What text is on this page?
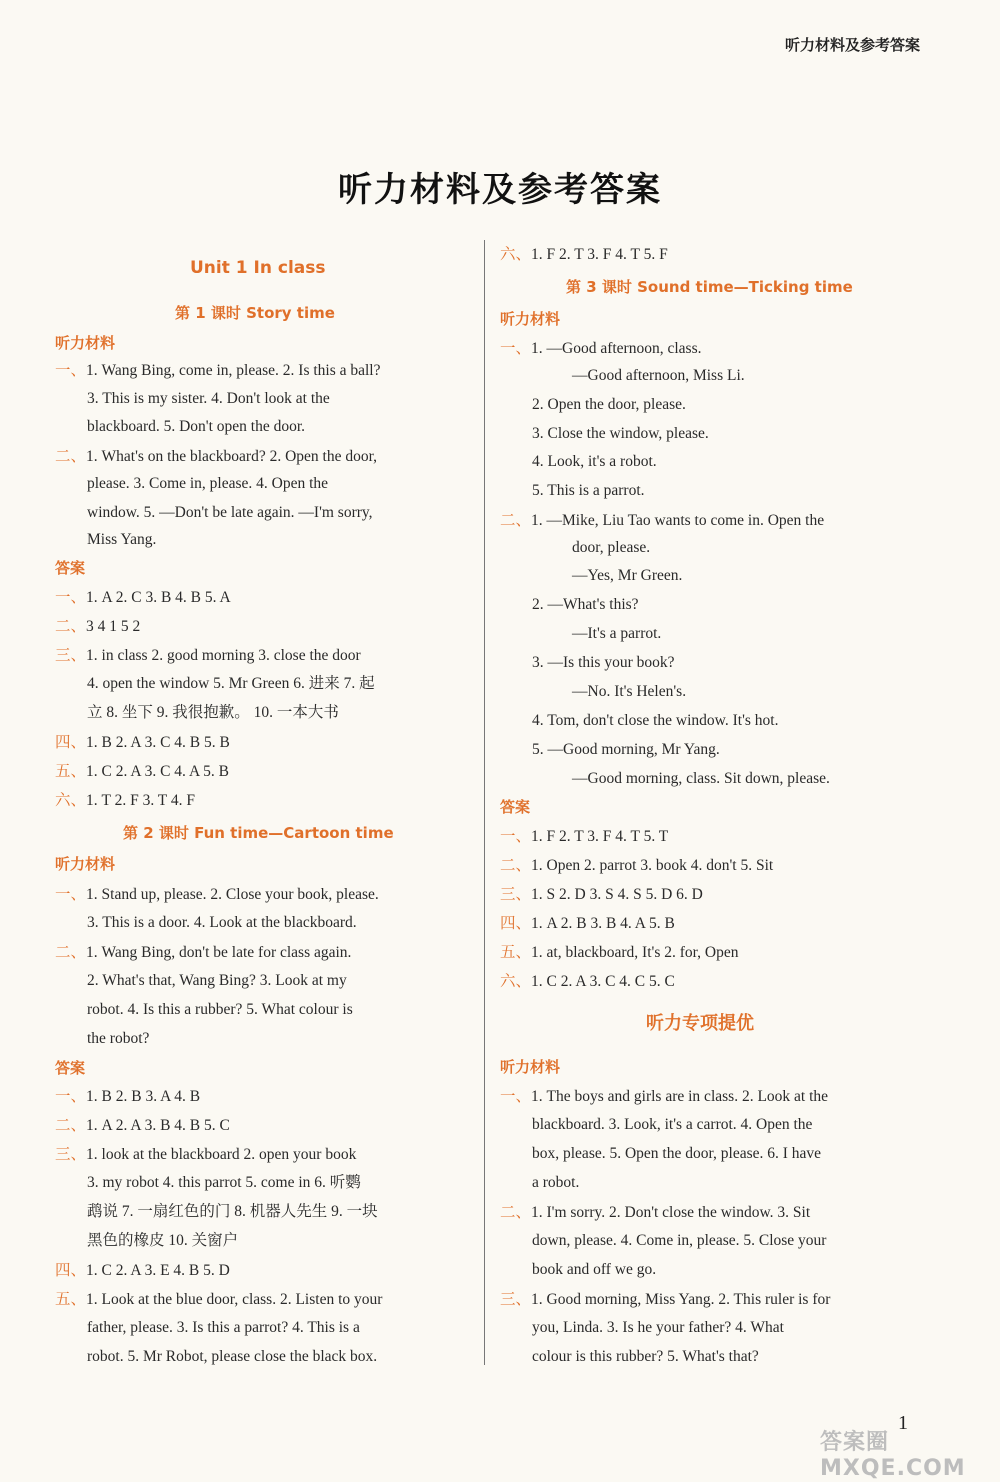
听力材料及参考答案
听力材料及参考答案
Unit 1 In class
第 1 课时 Story time
听力材料
一、1. Wang Bing, come in, please. 2. Is this a ball?
3. This is my sister. 4. Don't look at the
blackboard. 5. Don't open the door.
二、1. What's on the blackboard? 2. Open the door,
please. 3. Come in, please. 4. Open the
window. 5. —Don't be late again. —I'm sorry,
Miss Yang.
答案
一、1. A 2. C 3. B 4. B 5. A
二、3 4 1 5 2
三、1. in class 2. good morning 3. close the door
4. open the window 5. Mr Green 6. 进来 7. 起
立 8. 坐下 9. 我很抱歉。 10. 一本大书
四、1. B 2. A 3. C 4. B 5. B
五、1. C 2. A 3. C 4. A 5. B
六、1. T 2. F 3. T 4. F
第 2 课时 Fun time—Cartoon time
听力材料
一、1. Stand up, please. 2. Close your book, please.
3. This is a door. 4. Look at the blackboard.
二、1. Wang Bing, don't be late for class again.
2. What's that, Wang Bing? 3. Look at my
robot. 4. Is this a rubber? 5. What colour is
the robot?
答案
一、1. B 2. B 3. A 4. B
二、1. A 2. A 3. B 4. B 5. C
三、1. look at the blackboard 2. open your book
3. my robot 4. this parrot 5. come in 6. 听鹦
鹉说 7. 一扇红色的门 8. 机器人先生 9. 一块
黑色的橡皮 10. 关窗户
四、1. C 2. A 3. E 4. B 5. D
五、1. Look at the blue door, class. 2. Listen to your
father, please. 3. Is this a parrot? 4. This is a
robot. 5. Mr Robot, please close the black box.
六、1. F 2. T 3. F 4. T 5. F
第 3 课时 Sound time—Ticking time
听力材料
一、1. —Good afternoon, class.
—Good afternoon, Miss Li.
2. Open the door, please.
3. Close the window, please.
4. Look, it's a robot.
5. This is a parrot.
二、1. —Mike, Liu Tao wants to come in. Open the
door, please.
—Yes, Mr Green.
2. —What's this?
—It's a parrot.
3. —Is this your book?
—No. It's Helen's.
4. Tom, don't close the window. It's hot.
5. —Good morning, Mr Yang.
—Good morning, class. Sit down, please.
答案
一、1. F 2. T 3. F 4. T 5. T
二、1. Open 2. parrot 3. book 4. don't 5. Sit
三、1. S 2. D 3. S 4. S 5. D 6. D
四、1. A 2. B 3. B 4. A 5. B
五、1. at, blackboard, It's 2. for, Open
六、1. C 2. A 3. C 4. C 5. C
听力专项提优
听力材料
一、1. The boys and girls are in class. 2. Look at the
blackboard. 3. Look, it's a carrot. 4. Open the
box, please. 5. Open the door, please. 6. I have
a robot.
二、1. I'm sorry. 2. Don't close the window. 3. Sit
down, please. 4. Come in, please. 5. Close your
book and off we go.
三、1. Good morning, Miss Yang. 2. This ruler is for
you, Linda. 3. Is he your father? 4. What
colour is this rubber? 5. What's that?
1
答案圈 MXQE.COM
